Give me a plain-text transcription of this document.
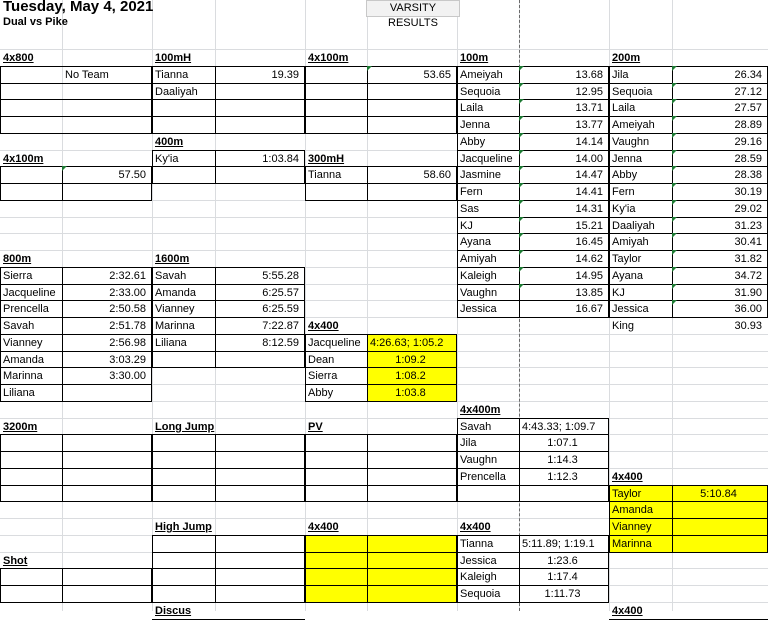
4x800
No Team
100mH
Tianna	19.39
Daaliyah
4x100m
53.65
100m
Ameiyah	13.68
Sequoia	12.95
Laila	13.71
Jenna	13.77
Abby	14.14
Jacqueline	14.00
Jasmine	14.47
Fern	14.41
Sas	14.31
KJ	15.21
Ayana	16.45
Amiyah	14.62
Kaleigh	14.95
Vaughn	13.85
Jessica	16.67
200m
Jila	26.34
Sequoia	27.12
Laila	27.57
Ameiyah	28.89
Vaughn	29.16
Jenna	28.59
Abby	28.38
Fern	30.19
Ky'ia	29.02
Daaliyah	31.23
Amiyah	30.41
Taylor	31.82
Ayana	34.72
KJ	31.90
Jessica	36.00
King	30.93
400m
Ky'ia	1:03.84
4x100m
57.50
300mH
Tianna	58.60
800m
Sierra	2:32.61
Jacqueline	2:33.00
Prencella	2:50.58
Savah	2:51.78
Vianney	2:56.98
Amanda	3:03.29
Marinna	3:30.00
Liliana
1600m
Savah	5:55.28
Amanda	6:25.57
Vianney	6:25.59
Marinna	7:22.87
Liliana	8:12.59
4x400
Jacqueline 4:26.63; 1:05.2
Dean	1:09.2
Sierra	1:08.2
Abby	1:03.8
4x400m
Savah	4:43.33; 1:09.7
Jila	1:07.1
Vaughn	1:14.3
Prencella	1:12.3
3200m	Long Jump	PV
4x400
Taylor	5:10.84
Amanda
Vianney
Marinna
High Jump	4x400	4x400
Tianna	5:11.89; 1:19.1
Jessica	1:23.6
Kaleigh	1:17.4
Sequoia	1:11.73
Shot
Discus	4x400
Tuesday, May 4, 2021
Dual vs Pike
VARSITY RESULTS
